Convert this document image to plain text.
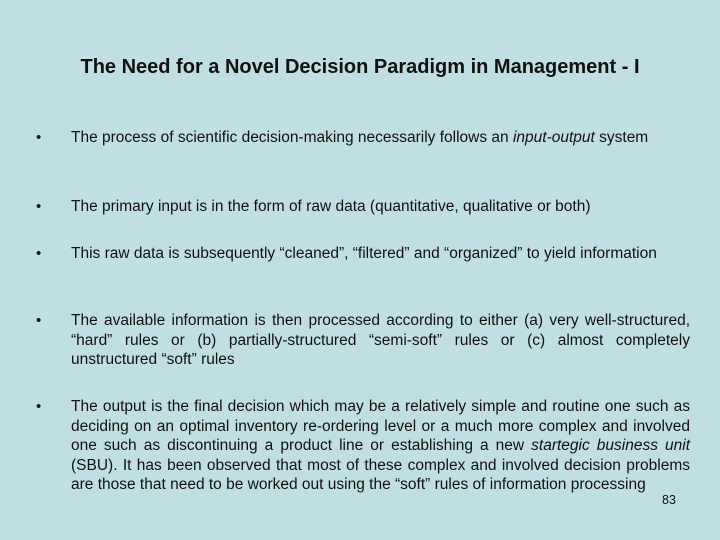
The Need for a Novel Decision Paradigm in Management - I
• The process of scientific decision-making necessarily follows an input-output system
• The primary input is in the form of raw data (quantitative, qualitative or both)
• This raw data is subsequently “cleaned”, “filtered” and “organized” to yield information
• The available information is then processed according to either (a) very well-structured, “hard” rules or (b) partially-structured “semi-soft” rules or (c) almost completely unstructured “soft” rules
• The output is the final decision which may be a relatively simple and routine one such as deciding on an optimal inventory re-ordering level or a much more complex and involved one such as discontinuing a product line or establishing a new startegic business unit (SBU). It has been observed that most of these complex and involved decision problems are those that need to be worked out using the “soft” rules of information processing
83
